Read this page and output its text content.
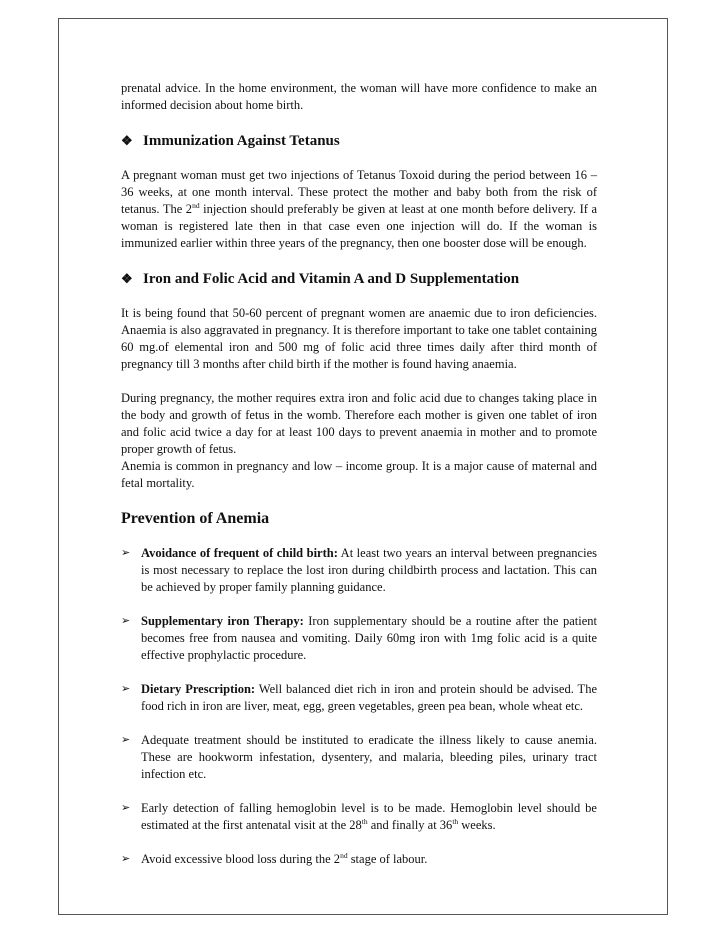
prenatal advice. In the home environment, the woman will have more confidence to make an informed decision about home birth.

❖ Immunization Against Tetanus

A pregnant woman must get two injections of Tetanus Toxoid during the period between 16 – 36 weeks, at one month interval. These protect the mother and baby both from the risk of tetanus. The 2nd injection should preferably be given at least at one month before delivery. If a woman is registered late then in that case even one injection will do. If the woman is immunized earlier within three years of the pregnancy, then one booster dose will be enough.

❖ Iron and Folic Acid and Vitamin A and D Supplementation

It is being found that 50-60 percent of pregnant women are anaemic due to iron deficiencies. Anaemia is also aggravated in pregnancy. It is therefore important to take one tablet containing 60 mg.of elemental iron and 500 mg of folic acid three times daily after third month of pregnancy till 3 months after child birth if the mother is found having anaemia.

During pregnancy, the mother requires extra iron and folic acid due to changes taking place in the body and growth of fetus in the womb. Therefore each mother is given one tablet of iron and folic acid twice a day for at least 100 days to prevent anaemia in mother and to promote proper growth of fetus.

Anemia is common in pregnancy and low – income group. It is a major cause of maternal and fetal mortality.

Prevention of Anemia
➢ Avoidance of frequent of child birth: At least two years an interval between pregnancies is most necessary to replace the lost iron during childbirth process and lactation. This can be achieved by proper family planning guidance.
➢ Supplementary iron Therapy: Iron supplementary should be a routine after the patient becomes free from nausea and vomiting. Daily 60mg iron with 1mg folic acid is a quite effective prophylactic procedure.
➢ Dietary Prescription: Well balanced diet rich in iron and protein should be advised. The food rich in iron are liver, meat, egg, green vegetables, green pea bean, whole wheat etc.
➢ Adequate treatment should be instituted to eradicate the illness likely to cause anemia. These are hookworm infestation, dysentery, and malaria, bleeding piles, urinary tract infection etc.
➢ Early detection of falling hemoglobin level is to be made. Hemoglobin level should be estimated at the first antenatal visit at the 28th and finally at 36th weeks.
➢ Avoid excessive blood loss during the 2nd stage of labour.
